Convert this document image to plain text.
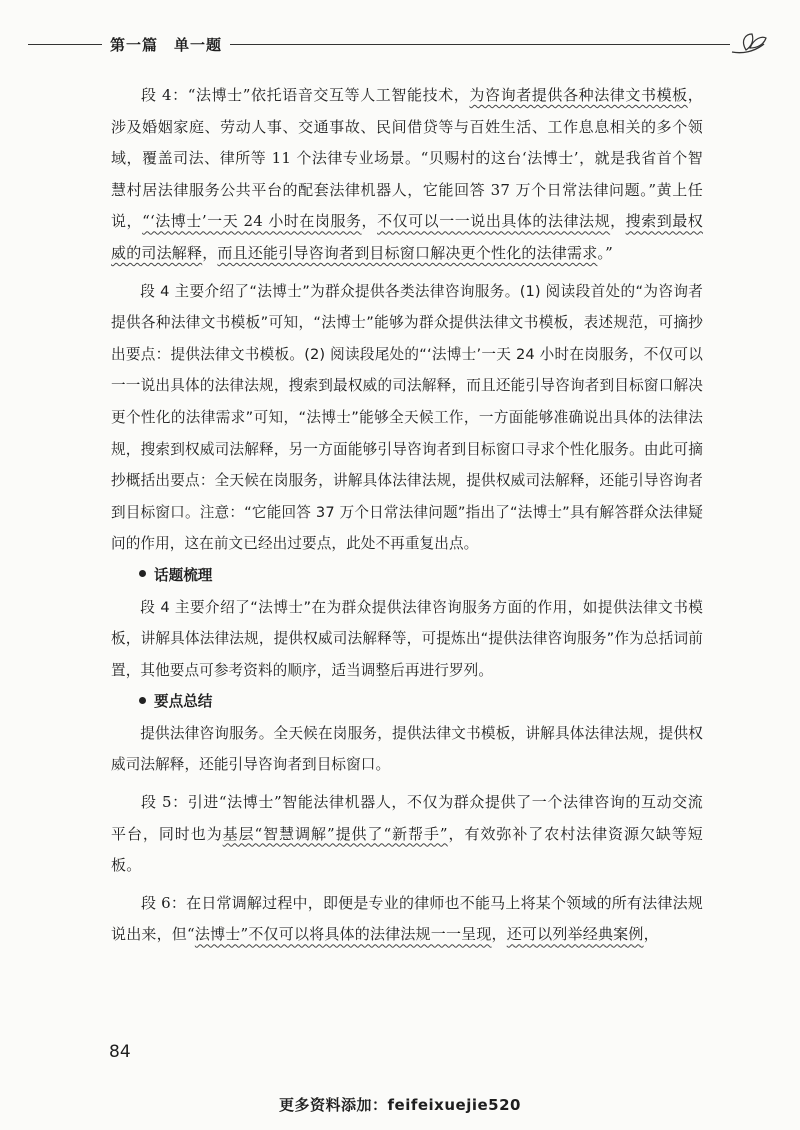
第一篇　单一题

段 4：“法博士”依托语音交互等人工智能技术，为咨询者提供各种法律文书模板，涉及婚姻家庭、劳动人事、交通事故、民间借贷等与百姓生活、工作息息相关的多个领域，覆盖司法、律所等 11 个法律专业场景。“贝赐村的这台‘法博士’，就是我省首个智慧村居法律服务公共平台的配套法律机器人，它能回答 37 万个日常法律问题。”黄上任说，“‘法博士’一天 24 小时在岗服务，不仅可以一一说出具体的法律法规，搜索到最权威的司法解释，而且还能引导咨询者到目标窗口解决更个性化的法律需求。”

段 4 主要介绍了“法博士”为群众提供各类法律咨询服务。(1) 阅读段首处的“为咨询者提供各种法律文书模板”可知，“法博士”能够为群众提供法律文书模板，表述规范，可摘抄出要点：提供法律文书模板。(2) 阅读段尾处的“‘法博士’一天 24 小时在岗服务，不仅可以一一说出具体的法律法规，搜索到最权威的司法解释，而且还能引导咨询者到目标窗口解决更个性化的法律需求”可知，“法博士”能够全天候工作，一方面能够准确说出具体的法律法规，搜索到权威司法解释，另一方面能够引导咨询者到目标窗口寻求个性化服务。由此可摘抄概括出要点：全天候在岗服务，讲解具体法律法规，提供权威司法解释，还能引导咨询者到目标窗口。注意：“它能回答 37 万个日常法律问题”指出了“法博士”具有解答群众法律疑问的作用，这在前文已经出过要点，此处不再重复出点。

话题梳理

段 4 主要介绍了“法博士”在为群众提供法律咨询服务方面的作用，如提供法律文书模板，讲解具体法律法规，提供权威司法解释等，可提炼出“提供法律咨询服务”作为总括词前置，其他要点可参考资料的顺序，适当调整后再进行罗列。

要点总结

提供法律咨询服务。全天候在岗服务，提供法律文书模板，讲解具体法律法规，提供权威司法解释，还能引导咨询者到目标窗口。

段 5：引进“法博士”智能法律机器人，不仅为群众提供了一个法律咨询的互动交流平台，同时也为基层“智慧调解”提供了“新帮手”，有效弥补了农村法律资源欠缺等短板。

段 6：在日常调解过程中，即便是专业的律师也不能马上将某个领域的所有法律法规说出来，但“法博士”不仅可以将具体的法律法规一一呈现，还可以列举经典案例，

84
更多资料添加：feifeixuejie520
